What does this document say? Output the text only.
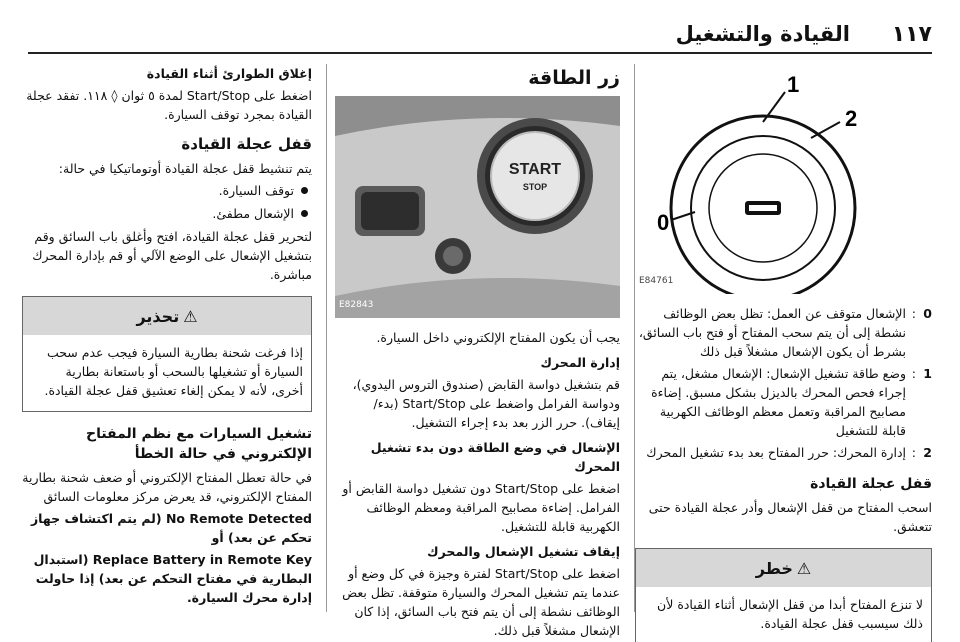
١١٧
القيادة والتشغيل
0
1
2
E84761
0
:
الإشعال متوقف عن العمل: تظل بعض الوظائف نشطة إلى أن يتم سحب المفتاح أو فتح باب السائق، بشرط أن يكون الإشعال مشغلاً قبل ذلك
1
:
وضع طاقة تشغيل الإشعال: الإشعال مشغل، يتم إجراء فحص المحرك بالديزل بشكل مسبق. إضاءة مصابيح المراقبة وتعمل معظم الوظائف الكهربية قابلة للتشغيل
2
:
إدارة المحرك: حرر المفتاح بعد بدء تشغيل المحرك
قفل عجلة القيادة

اسحب المفتاح من قفل الإشعال وأدر عجلة القيادة حتى تتعشق.

⚠
خطر

لا تنزع المفتاح أبدا من قفل الإشعال أثناء القيادة لأن ذلك سيسبب قفل عجلة القيادة.

زر الطاقة
START
STOP
E82843

يجب أن يكون المفتاح الإلكتروني داخل السيارة.

إدارة المحرك

قم بتشغيل دواسة القابض (صندوق التروس اليدوي)، ودواسة الفرامل واضغط على Start/Stop (بدء/إيقاف). حرر الزر بعد بدء إجراء التشغيل.

الإشعال في وضع الطاقة دون بدء تشغيل المحرك

اضغط على Start/Stop دون تشغيل دواسة القابض أو الفرامل. إضاءة مصابيح المراقبة ومعظم الوظائف الكهربية قابلة للتشغيل.

إيقاف تشغيل الإشعال والمحرك

اضغط على Start/Stop لفترة وجيزة في كل وضع أو عندما يتم تشغيل المحرك والسيارة متوقفة. تظل بعض الوظائف نشطة إلى أن يتم فتح باب السائق، إذا كان الإشعال مشغلاً قبل ذلك.

إغلاق الطوارئ أثناء القيادة

اضغط على Start/Stop لمدة ٥ ثوان ◊ ١١٨. تفقد عجلة القيادة بمجرد توقف السيارة.

قفل عجلة القيادة

يتم تنشيط قفل عجلة القيادة أوتوماتيكيا في حالة:

توقف السيارة.
الإشعال مطفئ.

لتحرير قفل عجلة القيادة، افتح وأغلق باب السائق وقم بتشغيل الإشعال على الوضع الآلي أو قم بإدارة المحرك مباشرة.

⚠
تحذير

إذا فرغت شحنة بطارية السيارة فيجب عدم سحب السيارة أو تشغيلها بالسحب أو باستعانة بطارية أخرى، لأنه لا يمكن إلغاء تعشيق قفل عجلة القيادة.

تشغيل السيارات مع نظم المفتاح الإلكتروني في حالة الخطأ

في حالة تعطل المفتاح الإلكتروني أو ضعف شحنة بطارية المفتاح الإلكتروني، قد يعرض مركز معلومات السائق

No Remote Detected (لم يتم اكتشاف جهاز تحكم عن بعد) أو

Replace Battery in Remote Key (استبدال البطارية في مفتاح التحكم عن بعد) إذا حاولت إدارة محرك السيارة.
